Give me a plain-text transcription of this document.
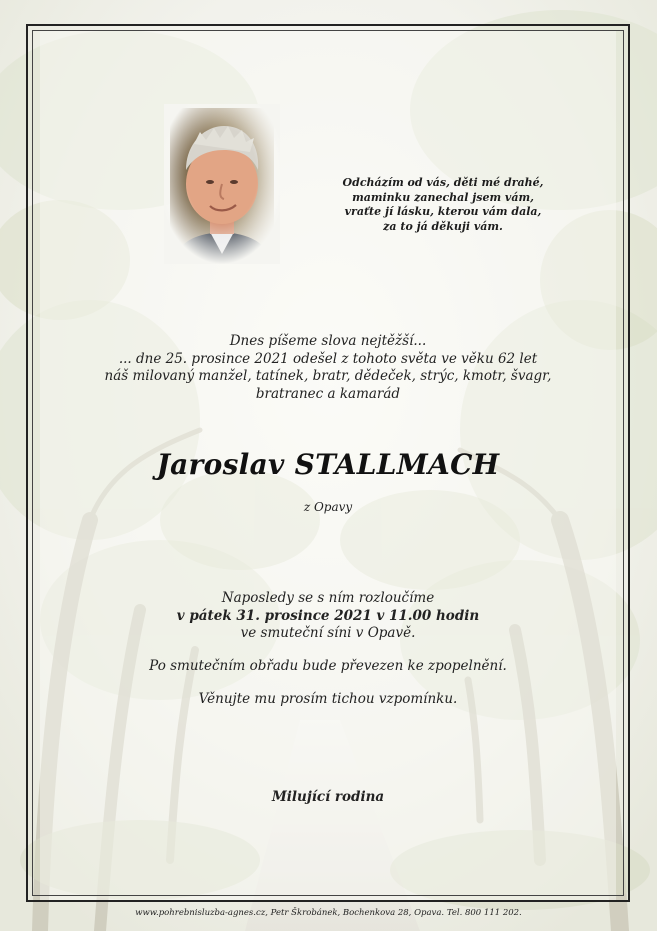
Odcházím od vás, děti mé drahé,
maminku zanechal jsem vám,
vraťte jí lásku, kterou vám dala,
za to já děkuji vám.
Dnes píšeme slova nejtěžší...
... dne 25. prosince 2021 odešel z tohoto světa ve věku 62 let
náš milovaný manžel, tatínek, bratr, dědeček, strýc, kmotr, švagr,
bratranec a kamarád
Jaroslav STALLMACH
z Opavy
Naposledy se s ním rozloučíme
v pátek 31. prosince 2021 v 11.00 hodin
ve smuteční síni v Opavě.
Po smutečním obřadu bude převezen ke zpopelnění.
Věnujte mu prosím tichou vzpomínku.
Milující rodina
www.pohrebnisluzba-agnes.cz, Petr Škrobánek, Bochenkova 28, Opava. Tel. 800 111 202.
